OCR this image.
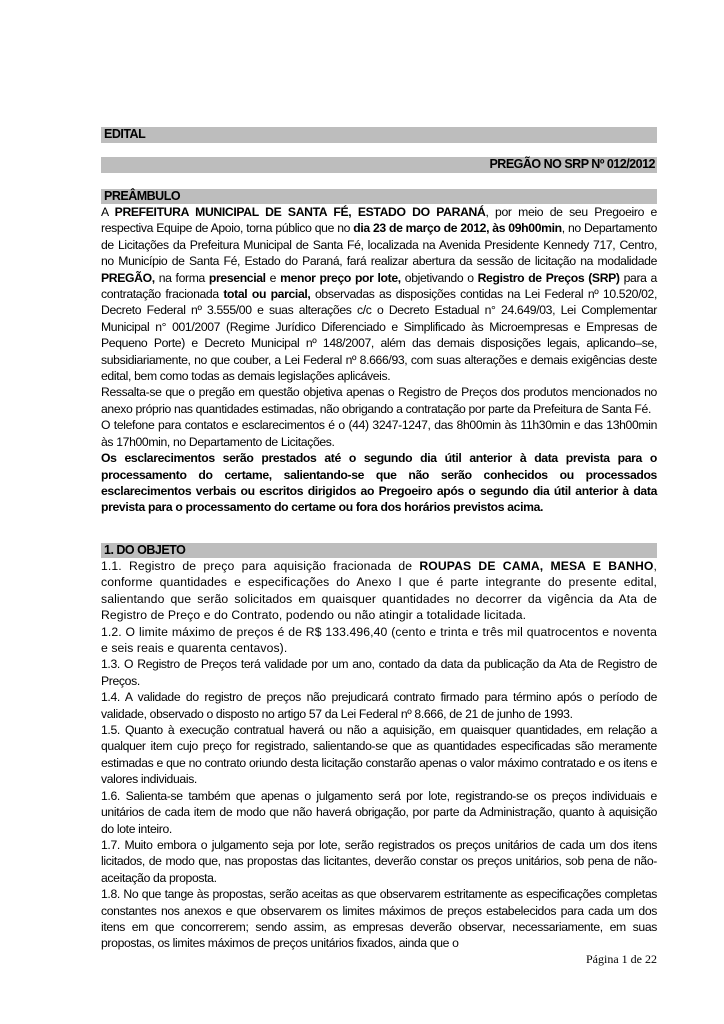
EDITAL
PREGÃO NO SRP Nº 012/2012
PREÂMBULO

A PREFEITURA MUNICIPAL DE SANTA FÉ, ESTADO DO PARANÁ, por meio de seu Pregoeiro e respectiva Equipe de Apoio, torna público que no dia 23 de março de 2012, às 09h00min, no Departamento de Licitações da Prefeitura Municipal de Santa Fé, localizada na Avenida Presidente Kennedy 717, Centro, no Município de Santa Fé, Estado do Paraná, fará realizar abertura da sessão de licitação na modalidade PREGÃO, na forma presencial e menor preço por lote, objetivando o Registro de Preços (SRP) para a contratação fracionada total ou parcial, observadas as disposições contidas na Lei Federal nº 10.520/02, Decreto Federal nº 3.555/00 e suas alterações c/c o Decreto Estadual n° 24.649/03, Lei Complementar Municipal n° 001/2007 (Regime Jurídico Diferenciado e Simplificado às Microempresas e Empresas de Pequeno Porte) e Decreto Municipal nº 148/2007, além das demais disposições legais, aplicando–se, subsidiariamente, no que couber, a Lei Federal nº 8.666/93, com suas alterações e demais exigências deste edital, bem como todas as demais legislações aplicáveis.

Ressalta-se que o pregão em questão objetiva apenas o Registro de Preços dos produtos mencionados no anexo próprio nas quantidades estimadas, não obrigando a contratação por parte da Prefeitura de Santa Fé.

O telefone para contatos e esclarecimentos é o (44) 3247-1247, das 8h00min às 11h30min e das 13h00min às 17h00min, no Departamento de Licitações.

Os esclarecimentos serão prestados até o segundo dia útil anterior à data prevista para o processamento do certame, salientando-se que não serão conhecidos ou processados esclarecimentos verbais ou escritos dirigidos ao Pregoeiro após o segundo dia útil anterior à data prevista para o processamento do certame ou fora dos horários previstos acima.

1. DO OBJETO

1.1. Registro de preço para aquisição fracionada de ROUPAS DE CAMA, MESA E BANHO, conforme quantidades e especificações do Anexo I que é parte integrante do presente edital, salientando que serão solicitados em quaisquer quantidades no decorrer da vigência da Ata de Registro de Preço e do Contrato, podendo ou não atingir a totalidade licitada.

1.2. O limite máximo de preços é de R$ 133.496,40 (cento e trinta e três mil quatrocentos e noventa e seis reais e quarenta centavos).

1.3. O Registro de Preços terá validade por um ano, contado da data da publicação da Ata de Registro de Preços.

1.4. A validade do registro de preços não prejudicará contrato firmado para término após o período de validade, observado o disposto no artigo 57 da Lei Federal nº 8.666, de 21 de junho de 1993.

1.5. Quanto à execução contratual haverá ou não a aquisição, em quaisquer quantidades, em relação a qualquer item cujo preço for registrado, salientando-se que as quantidades especificadas são meramente estimadas e que no contrato oriundo desta licitação constarão apenas o valor máximo contratado e os itens e valores individuais.

1.6. Salienta-se também que apenas o julgamento será por lote, registrando-se os preços individuais e unitários de cada item de modo que não haverá obrigação, por parte da Administração, quanto à aquisição do lote inteiro.

1.7. Muito embora o julgamento seja por lote, serão registrados os preços unitários de cada um dos itens licitados, de modo que, nas propostas das licitantes, deverão constar os preços unitários, sob pena de não-aceitação da proposta.

1.8. No que tange às propostas, serão aceitas as que observarem estritamente as especificações completas constantes nos anexos e que observarem os limites máximos de preços estabelecidos para cada um dos itens em que concorrerem; sendo assim, as empresas deverão observar, necessariamente, em suas propostas, os limites máximos de preços unitários fixados, ainda que o

Página 1 de 22
